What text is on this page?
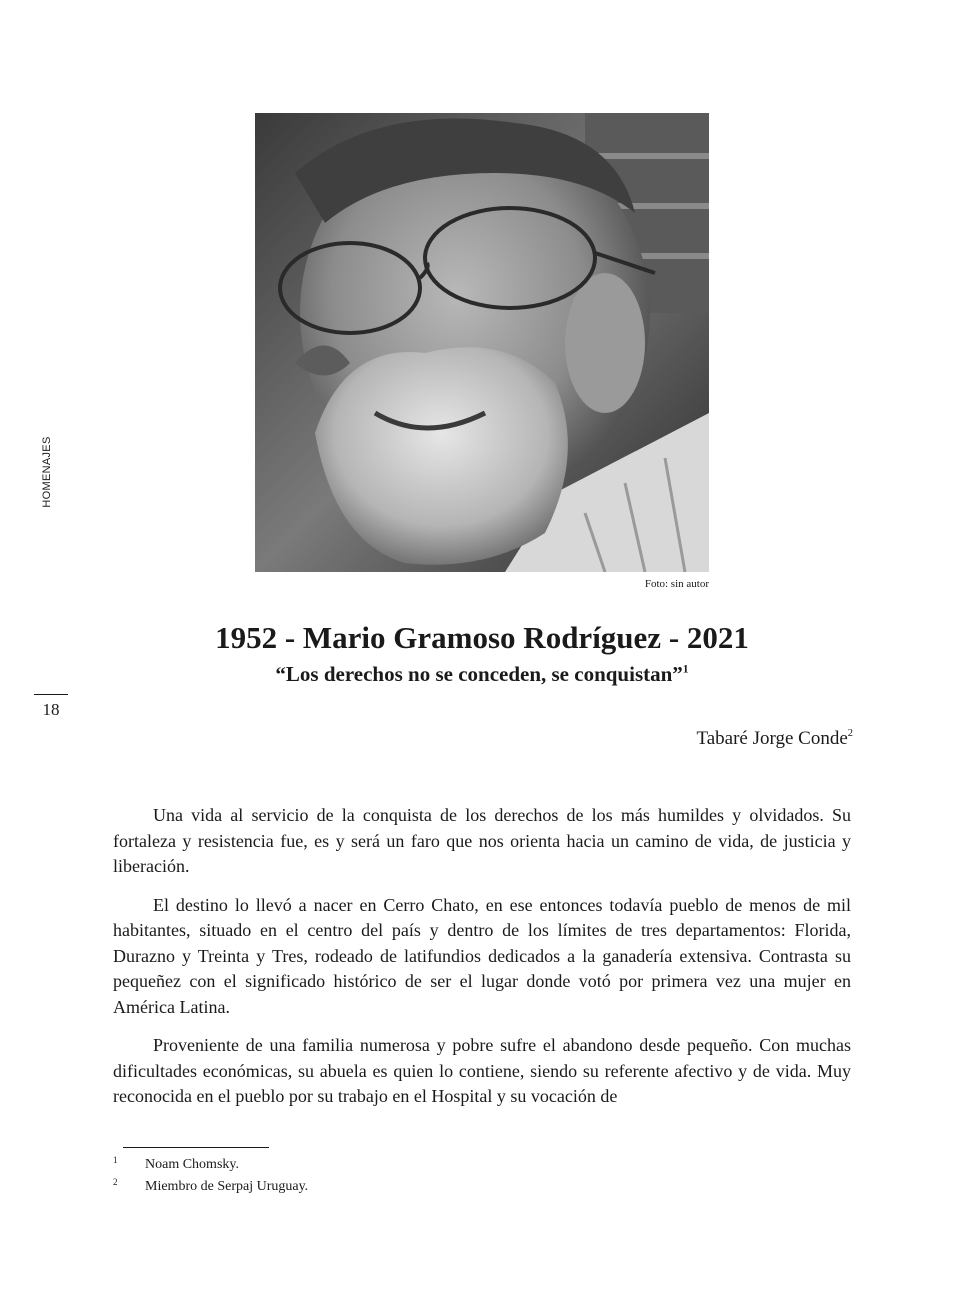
HOMENAJES
18
Foto: sin autor
1952 - Mario Gramoso Rodríguez - 2021
“Los derechos no se conceden, se conquistan”$^1$
Tabaré Jorge Conde$^2$

Una vida al servicio de la conquista de los derechos de los más humildes y olvidados. Su fortaleza y resistencia fue, es y será un faro que nos orienta hacia un camino de vida, de justicia y liberación.

El destino lo llevó a nacer en Cerro Chato, en ese entonces todavía pueblo de menos de mil habitantes, situado en el centro del país y dentro de los límites de tres departamentos: Florida, Durazno y Treinta y Tres, rodeado de latifundios dedicados a la ganadería extensiva. Contrasta su pequeñez con el significado histórico de ser el lugar donde votó por primera vez una mujer en América Latina.

Proveniente de una familia numerosa y pobre sufre el abandono desde pequeño. Con muchas dificultades económicas, su abuela es quien lo contiene, siendo su referente afectivo y de vida. Muy reconocida en el pueblo por su trabajo en el Hospital y su vocación de

1	Noam Chomsky.
2	Miembro de Serpaj Uruguay.
